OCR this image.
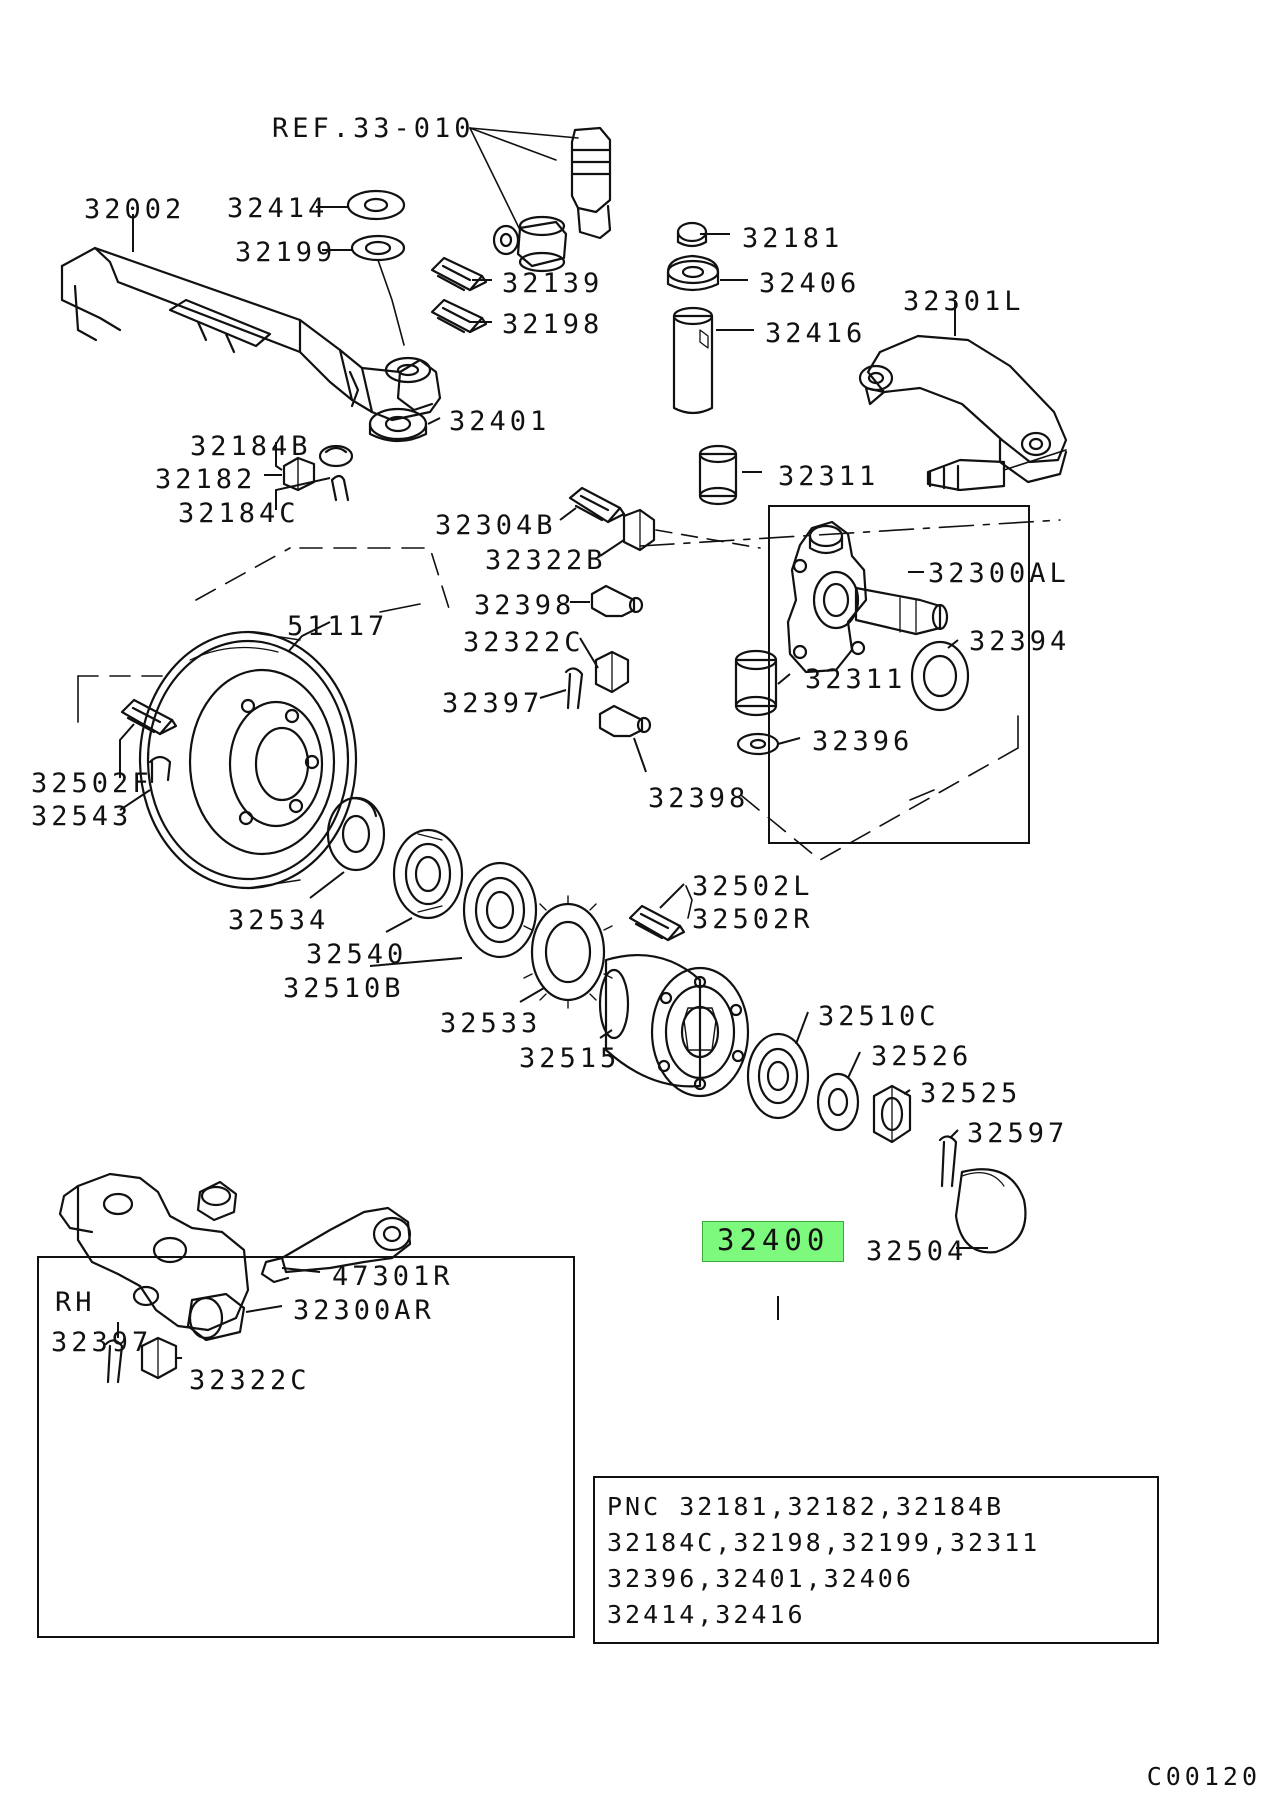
REF.33-010
32002 32414
32199
32139
32198
32181
32406
32416
32301L
32401
32184B
32182
32184C	32304B
32322B
32311
32300AL
32398
32322C
51117
32397
32311
32394
32396
32398
32502F
32543
32534
32540
32510B
32533
32515
32502L
32502R
32510C
32526
32525
32597
32504
RH
47301R
32300AR
32397
32322C
32400
PNC 32181,32182,32184B
32184C,32198,32199,32311
32396,32401,32406
32414,32416
C00120
